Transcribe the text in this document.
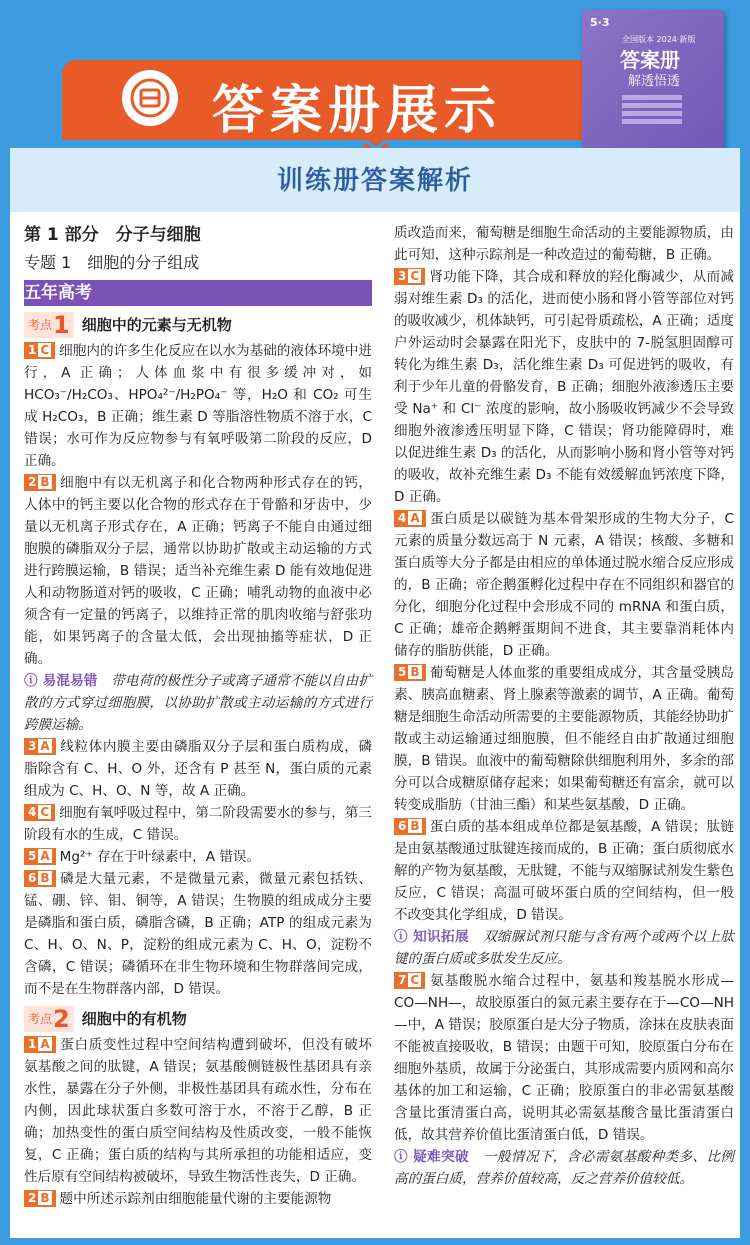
答案册展示
5·3
全国版本 2024·新版
答案册
解透悟透
训练册答案解析

第 1 部分　分子与细胞

专题 1　细胞的分子组成

五年高考

考点 1 细胞中的元素与无机物

1 C 细胞内的许多生化反应在以水为基础的液体环境中进行，A 正确；人体血浆中有很多缓冲对，如 HCO₃⁻/H₂CO₃、HPO₄²⁻/H₂PO₄⁻ 等，H₂O 和 CO₂ 可生成 H₂CO₃，B 正确；维生素 D 等脂溶性物质不溶于水，C 错误；水可作为反应物参与有氧呼吸第二阶段的反应，D 正确。

2 B 细胞中有以无机离子和化合物两种形式存在的钙，人体中的钙主要以化合物的形式存在于骨骼和牙齿中，少量以无机离子形式存在，A 正确；钙离子不能自由通过细胞膜的磷脂双分子层，通常以协助扩散或主动运输的方式进行跨膜运输，B 错误；适当补充维生素 D 能有效地促进人和动物肠道对钙的吸收，C 正确；哺乳动物的血液中必须含有一定量的钙离子，以维持正常的肌肉收缩与舒张功能，如果钙离子的含量太低，会出现抽搐等症状，D 正确。

ⓘ 易混易错　 带电荷的极性分子或离子通常不能以自由扩散的方式穿过细胞膜，以协助扩散或主动运输的方式进行跨膜运输。

3 A 线粒体内膜主要由磷脂双分子层和蛋白质构成，磷脂除含有 C、H、O 外，还含有 P 甚至 N，蛋白质的元素组成为 C、H、O、N 等，故 A 正确。

4 C 细胞有氧呼吸过程中，第二阶段需要水的参与，第三阶段有水的生成，C 错误。

5 A Mg²⁺ 存在于叶绿素中，A 错误。

6 B 磷是大量元素，不是微量元素，微量元素包括铁、锰、硼、锌、钼、铜等，A 错误；生物膜的组成成分主要是磷脂和蛋白质，磷脂含磷，B 正确；ATP 的组成元素为 C、H、O、N、P，淀粉的组成元素为 C、H、O，淀粉不含磷，C 错误；磷循环在非生物环境和生物群落间完成，而不是在生物群落内部，D 错误。

考点 2 细胞中的有机物

1 A 蛋白质变性过程中空间结构遭到破坏，但没有破坏氨基酸之间的肽键，A 错误；氨基酸侧链极性基团具有亲水性，暴露在分子外侧，非极性基团具有疏水性，分布在内侧，因此球状蛋白多数可溶于水，不溶于乙醇，B 正确；加热变性的蛋白质空间结构及性质改变，一般不能恢复，C 正确；蛋白质的结构与其所承担的功能相适应，变性后原有空间结构被破坏，导致生物活性丧失，D 正确。

2 B 题中所述示踪剂由细胞能量代谢的主要能源物

质改造而来，葡萄糖是细胞生命活动的主要能源物质，由此可知，这种示踪剂是一种改造过的葡萄糖，B 正确。

3 C 肾功能下降，其合成和释放的羟化酶减少，从而减弱对维生素 D₃ 的活化，进而使小肠和肾小管等部位对钙的吸收减少，机体缺钙，可引起骨质疏松，A 正确；适度户外运动时会暴露在阳光下，皮肤中的 7-脱氢胆固醇可转化为维生素 D₃，活化维生素 D₃ 可促进钙的吸收，有利于少年儿童的骨骼发育，B 正确；细胞外液渗透压主要受 Na⁺ 和 Cl⁻ 浓度的影响，故小肠吸收钙减少不会导致细胞外液渗透压明显下降，C 错误；肾功能障碍时，难以促进维生素 D₃ 的活化，从而影响小肠和肾小管等对钙的吸收，故补充维生素 D₃ 不能有效缓解血钙浓度下降，D 正确。

4 A 蛋白质是以碳链为基本骨架形成的生物大分子，C 元素的质量分数远高于 N 元素，A 错误；核酸、多糖和蛋白质等大分子都是由相应的单体通过脱水缩合反应形成的，B 正确；帝企鹅蛋孵化过程中存在不同组织和器官的分化，细胞分化过程中会形成不同的 mRNA 和蛋白质，C 正确；雄帝企鹅孵蛋期间不进食，其主要靠消耗体内储存的脂肪供能，D 正确。

5 B 葡萄糖是人体血浆的重要组成成分，其含量受胰岛素、胰高血糖素、肾上腺素等激素的调节，A 正确。葡萄糖是细胞生命活动所需要的主要能源物质，其能经协助扩散或主动运输通过细胞膜，但不能经自由扩散通过细胞膜，B 错误。血液中的葡萄糖除供细胞利用外，多余的部分可以合成糖原储存起来；如果葡萄糖还有富余，就可以转变成脂肪（甘油三酯）和某些氨基酸，D 正确。

6 B 蛋白质的基本组成单位都是氨基酸，A 错误；肽链是由氨基酸通过肽键连接而成的，B 正确；蛋白质彻底水解的产物为氨基酸，无肽键，不能与双缩脲试剂发生紫色反应，C 错误；高温可破坏蛋白质的空间结构，但一般不改变其化学组成，D 错误。

ⓘ 知识拓展　 双缩脲试剂只能与含有两个或两个以上肽键的蛋白质或多肽发生反应。

7 C 氨基酸脱水缩合过程中，氨基和羧基脱水形成—CO—NH—，故胶原蛋白的氮元素主要存在于—CO—NH—中，A 错误；胶原蛋白是大分子物质，涂抹在皮肤表面不能被直接吸收，B 错误；由题干可知，胶原蛋白分布在细胞外基质，故属于分泌蛋白，其形成需要内质网和高尔基体的加工和运输，C 正确；胶原蛋白的非必需氨基酸含量比蛋清蛋白高，说明其必需氨基酸含量比蛋清蛋白低，故其营养价值比蛋清蛋白低，D 错误。

ⓘ 疑难突破　 一般情况下，含必需氨基酸种类多、比例高的蛋白质，营养价值较高，反之营养价值较低。
